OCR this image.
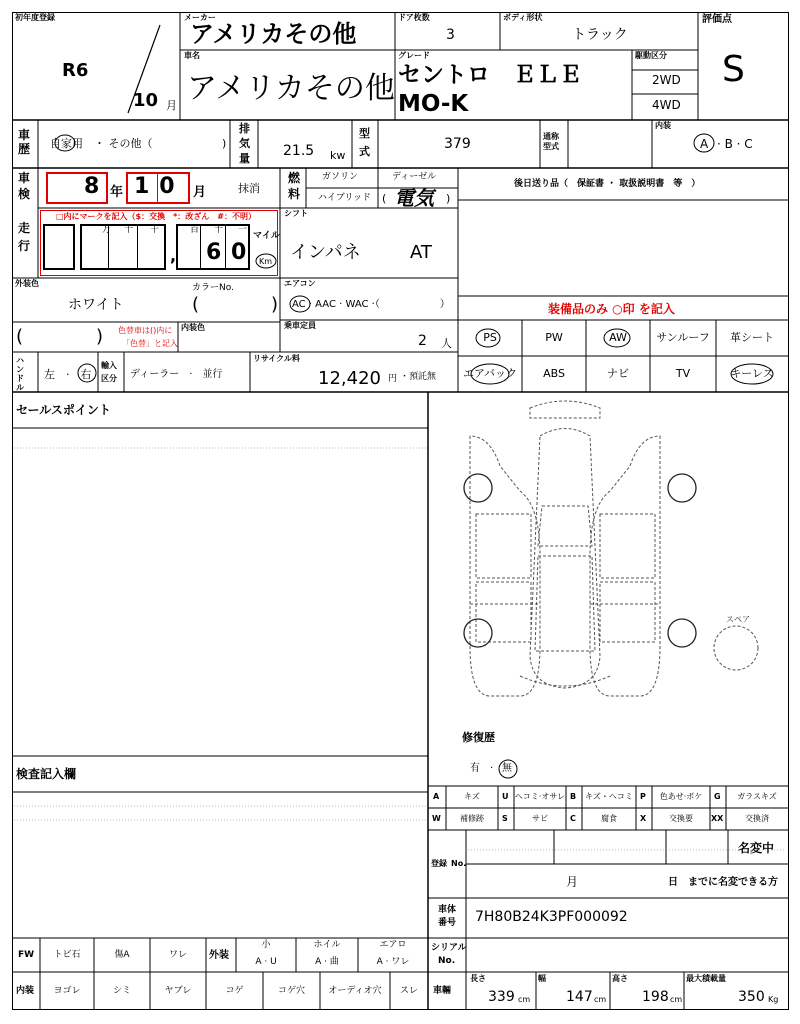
初年度登録
R6
10 月
メーカー
アメリカその他
ドア枚数
3
ボディ形状
トラック
評価点
S
車名
アメリカその他
グレード
セントロ　ＥＬＥ
MO-K
駆動区分
2WD
4WD
車歴 自家用　・ その他（	)
排
気
量 21.5 kw
型
式	379	通称型式
内装
A · B · C
車
検 8 年 10 月	抹消
燃
料
ガソリン	ディーゼル
ハイブリッド ( 電気 )
後日送り品（　保証書 ・ 取扱説明書　等　）
走
行
□内にマークを記入（$：交換　*：改ざん　#：不明）
万 十 千
,
百 十 一
6 0
マイル
Km
シフト
インパネ	AT
外装色
ホワイト
カラーNo.
(	)
エアコン
AC · AAC · WAC ·（　　　　　　）	装備品のみ ○印 を記入
(	) 色替車は()内に
「色替」と記入
内装色	乗車定員
2 人	PS	PW	AW	サンルーフ	革シート
エアバック	ABS	ナビ	TV	キーレス
ハンドル
左　·　右
輸入
区分 ディーラー　·　並行
リサイクル料
12,420 円 ・預託無
セールスポイント
検査記入欄
FW	トビ石	傷A	ワレ	外装
小
A · U
ホイル
A · 曲
エアロ
A · ワレ
内装	ヨゴレ	シミ	ヤブレ	コゲ	コゲ穴	オーディオ穴	スレ
スペア
修復歴
有　· 無
A	キズ	U ヘコミ·オサレ B	キズ・ヘコミ P	色あせ·ボケ	G	ガラスキズ
W	補修跡	S	サビ	C	腐食	X	交換要	XX	交換済
登録 No.
名変中
月	日　までに名変できる方
車体
番号 7H80B24K3PF000092
シリアル
No.
車輛
長さ
339 cm
幅
147 cm
高さ
198 cm
最大積載量
350 Kg
